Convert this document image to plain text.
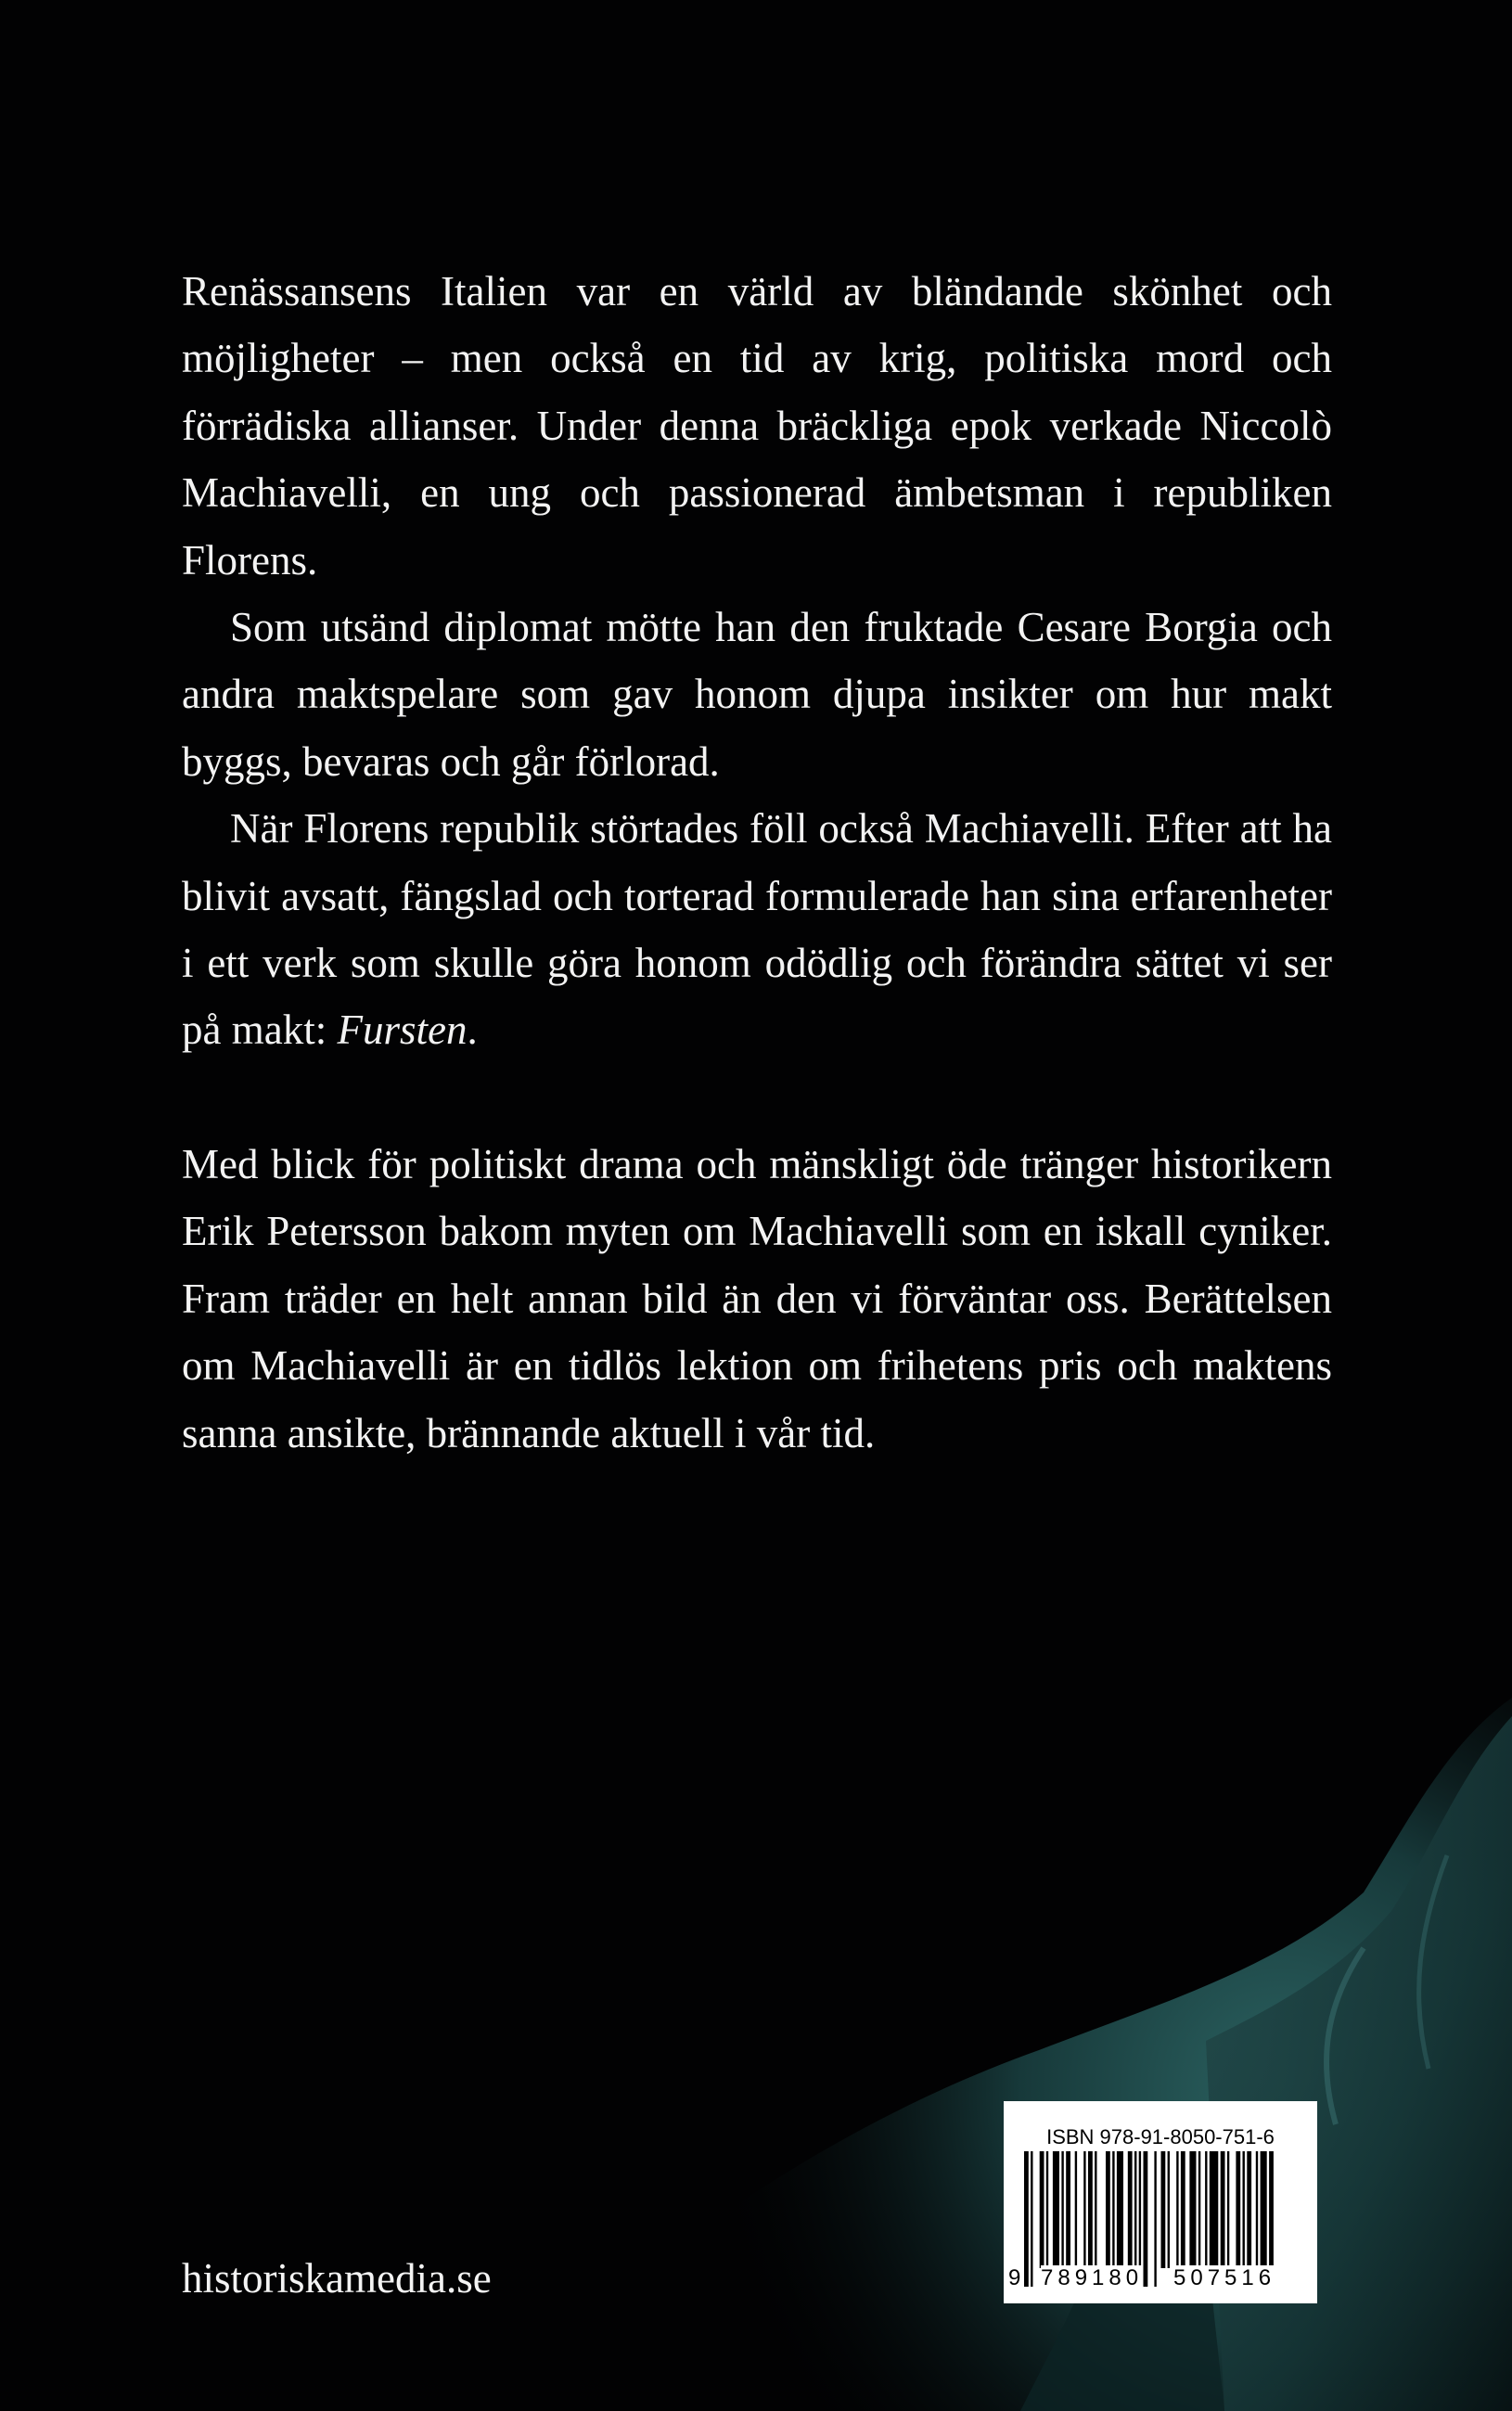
Renässansens Italien var en värld av bländande skönhet och möjligheter – men också en tid av krig, politiska mord och förrädiska allianser. Under denna bräckliga epok verkade Niccolò Machiavelli, en ung och passionerad ämbetsman i republiken Florens.

Som utsänd diplomat mötte han den fruktade Cesare Borgia och andra maktspelare som gav honom djupa insikter om hur makt byggs, bevaras och går förlorad.

När Florens republik störtades föll också Machiavelli. Efter att ha blivit avsatt, fängslad och torterad formulerade han sina erfarenheter i ett verk som skulle göra honom odödlig och förändra sättet vi ser på makt: Fursten.

Med blick för politiskt drama och mänskligt öde tränger historikern Erik Petersson bakom myten om Machiavelli som en iskall cyniker. Fram träder en helt annan bild än den vi förväntar oss. Berättelsen om Machiavelli är en tidlös lektion om frihetens pris och maktens sanna ansikte, brännande aktuell i vår tid.

historiskamedia.se
ISBN 978-91-8050-751-6
9 789180 507516
